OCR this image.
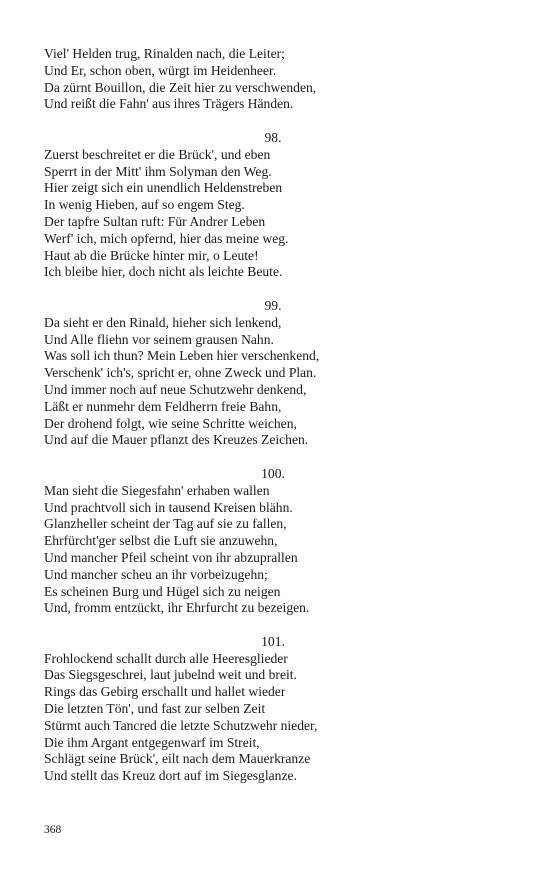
Viel' Helden trug, Rinalden nach, die Leiter;
Und Er, schon oben, würgt im Heidenheer.
Da zürnt Bouillon, die Zeit hier zu verschwenden,
Und reißt die Fahn' aus ihres Trägers Händen.
98.
Zuerst beschreitet er die Brück', und eben
Sperrt in der Mitt' ihm Solyman den Weg.
Hier zeigt sich ein unendlich Heldenstreben
In wenig Hieben, auf so engem Steg.
Der tapfre Sultan ruft: Für Andrer Leben
Werf' ich, mich opfernd, hier das meine weg.
Haut ab die Brücke hinter mir, o Leute!
Ich bleibe hier, doch nicht als leichte Beute.
99.
Da sieht er den Rinald, hieher sich lenkend,
Und Alle fliehn vor seinem grausen Nahn.
Was soll ich thun? Mein Leben hier verschenkend,
Verschenk' ich's, spricht er, ohne Zweck und Plan.
Und immer noch auf neue Schutzwehr denkend,
Läßt er nunmehr dem Feldherrn freie Bahn,
Der drohend folgt, wie seine Schritte weichen,
Und auf die Mauer pflanzt des Kreuzes Zeichen.
100.
Man sieht die Siegesfahn' erhaben wallen
Und prachtvoll sich in tausend Kreisen blähn.
Glanzheller scheint der Tag auf sie zu fallen,
Ehrfürcht'ger selbst die Luft sie anzuwehn,
Und mancher Pfeil scheint von ihr abzuprallen
Und mancher scheu an ihr vorbeizugehn;
Es scheinen Burg und Hügel sich zu neigen
Und, fromm entzückt, ihr Ehrfurcht zu bezeigen.
101.
Frohlockend schallt durch alle Heeresglieder
Das Siegsgeschrei, laut jubelnd weit und breit.
Rings das Gebirg erschallt und hallet wieder
Die letzten Tön', und fast zur selben Zeit
Stürmt auch Tancred die letzte Schutzwehr nieder,
Die ihm Argant entgegenwarf im Streit,
Schlägt seine Brück', eilt nach dem Mauerkranze
Und stellt das Kreuz dort auf im Siegesglanze.
368
